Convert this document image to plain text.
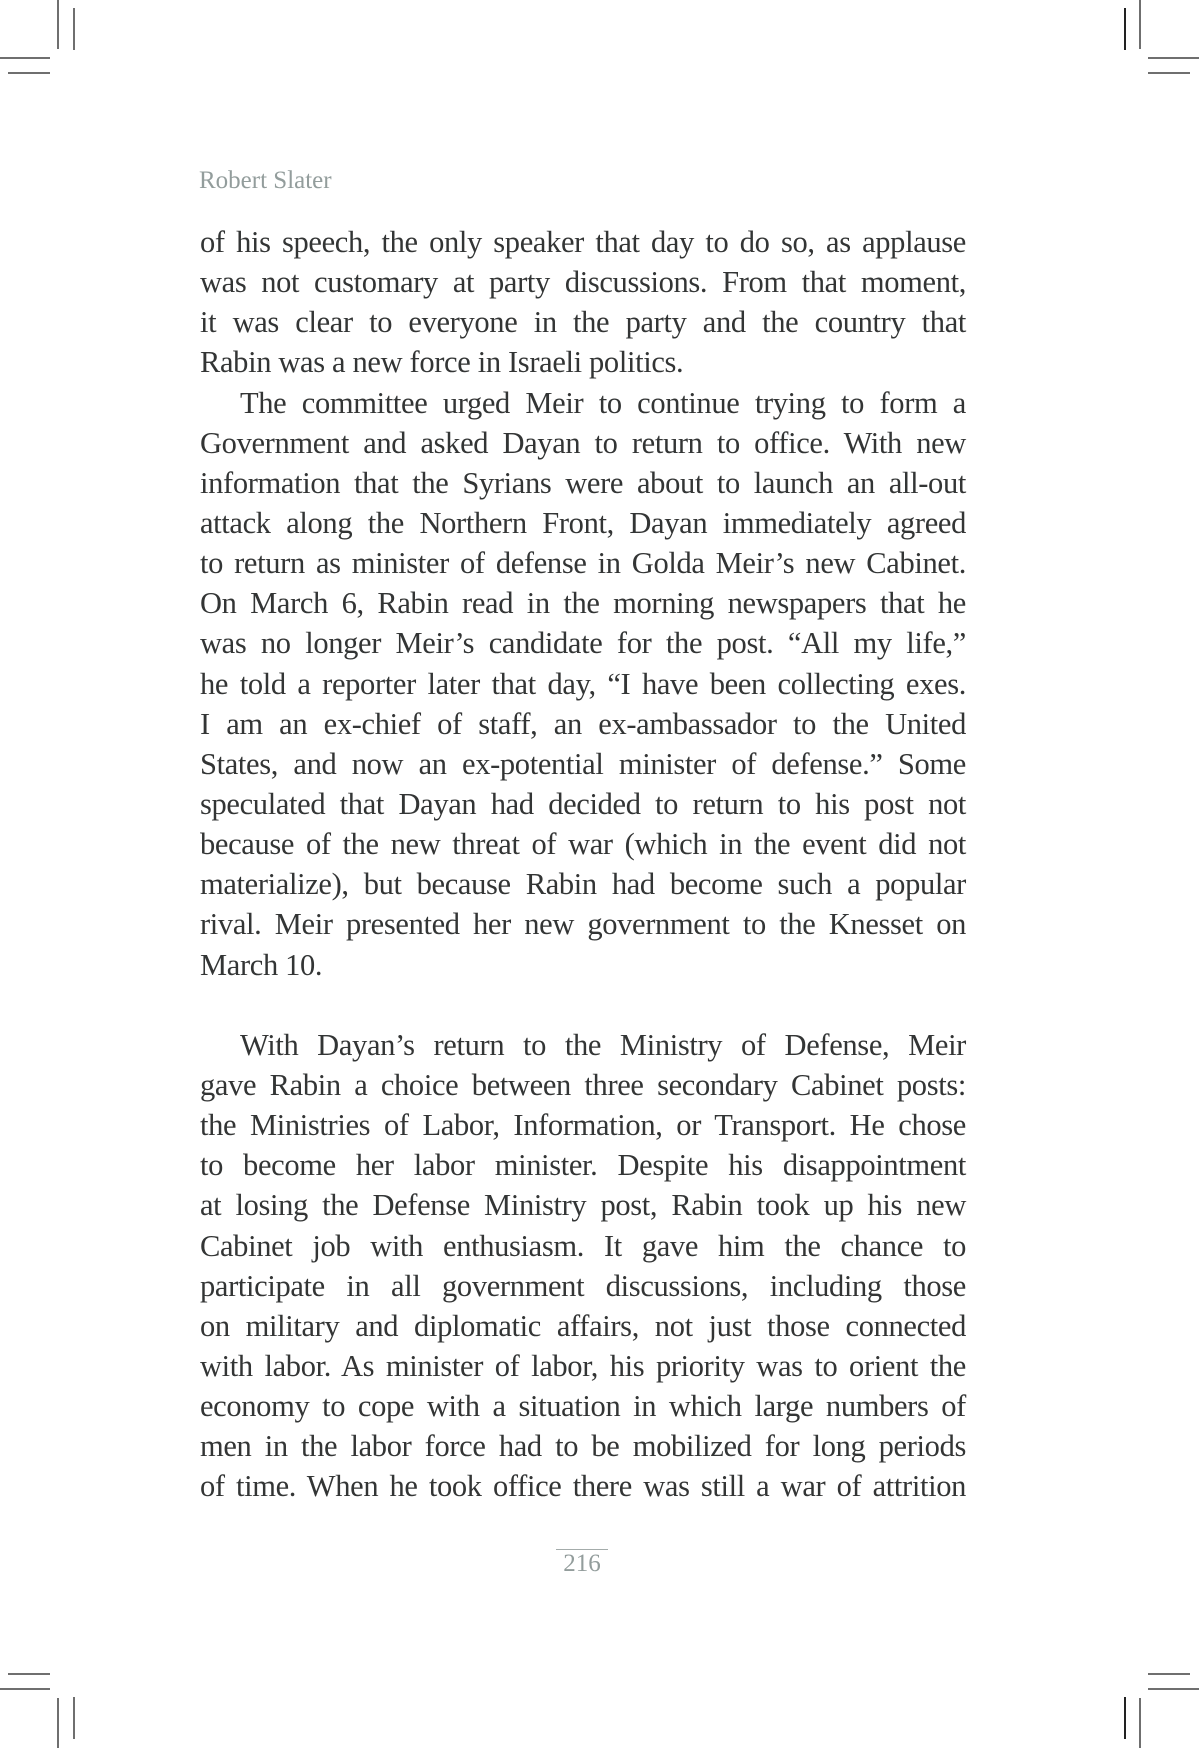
Robert Slater
of his speech, the only speaker that day to do so, as applause
was not customary at party discussions. From that moment,
it was clear to everyone in the party and the country that
Rabin was a new force in Israeli politics.
The committee urged Meir to continue trying to form a
Government and asked Dayan to return to office. With new
information that the Syrians were about to launch an all-out
attack along the Northern Front, Dayan immediately agreed
to return as minister of defense in Golda Meir’s new Cabinet.
On March 6, Rabin read in the morning newspapers that he
was no longer Meir’s candidate for the post. “All my life,”
he told a reporter later that day, “I have been collecting exes.
I am an ex-chief of staff, an ex-ambassador to the United
States, and now an ex-potential minister of defense.” Some
speculated that Dayan had decided to return to his post not
because of the new threat of war (which in the event did not
materialize), but because Rabin had become such a popular
rival. Meir presented her new government to the Knesset on
March 10.
With Dayan’s return to the Ministry of Defense, Meir
gave Rabin a choice between three secondary Cabinet posts:
the Ministries of Labor, Information, or Transport. He chose
to become her labor minister. Despite his disappointment
at losing the Defense Ministry post, Rabin took up his new
Cabinet job with enthusiasm. It gave him the chance to
participate in all government discussions, including those
on military and diplomatic affairs, not just those connected
with labor. As minister of labor, his priority was to orient the
economy to cope with a situation in which large numbers of
men in the labor force had to be mobilized for long periods
of time. When he took office there was still a war of attrition
216
